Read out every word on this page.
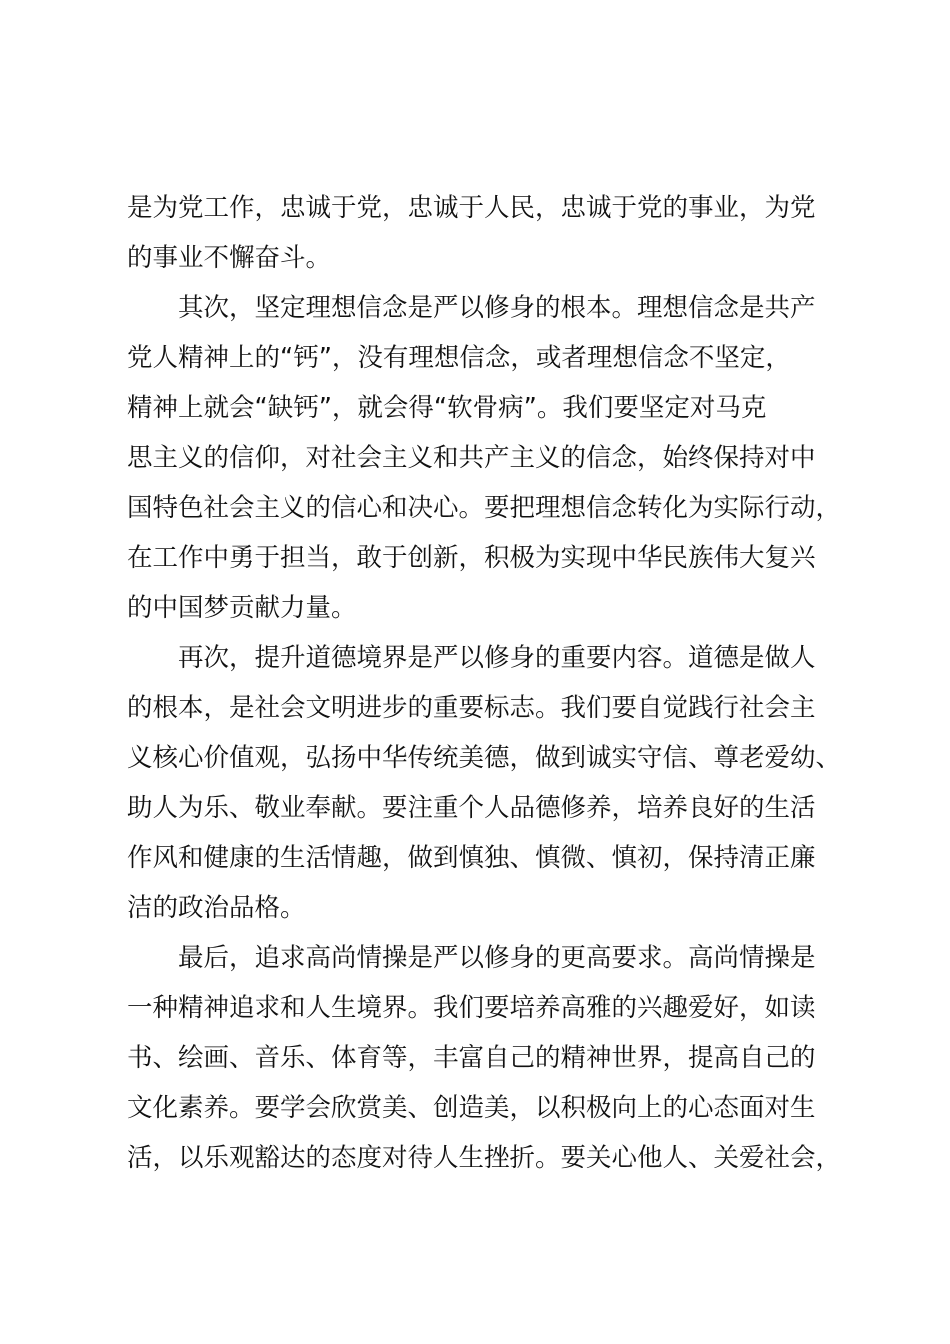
是为党工作，忠诚于党，忠诚于人民，忠诚于党的事业，为党
的事业不懈奋斗。
其次，坚定理想信念是严以修身的根本。理想信念是共产
党人精神上的“钙”，没有理想信念，或者理想信念不坚定，
精神上就会“缺钙”，就会得“软骨病”。我们要坚定对马克
思主义的信仰，对社会主义和共产主义的信念，始终保持对中
国特色社会主义的信心和决心。要把理想信念转化为实际行动，
在工作中勇于担当，敢于创新，积极为实现中华民族伟大复兴
的中国梦贡献力量。
再次，提升道德境界是严以修身的重要内容。道德是做人
的根本，是社会文明进步的重要标志。我们要自觉践行社会主
义核心价值观，弘扬中华传统美德，做到诚实守信、尊老爱幼、
助人为乐、敬业奉献。要注重个人品德修养，培养良好的生活
作风和健康的生活情趣，做到慎独、慎微、慎初，保持清正廉
洁的政治品格。
最后，追求高尚情操是严以修身的更高要求。高尚情操是
一种精神追求和人生境界。我们要培养高雅的兴趣爱好，如读
书、绘画、音乐、体育等，丰富自己的精神世界，提高自己的
文化素养。要学会欣赏美、创造美，以积极向上的心态面对生
活，以乐观豁达的态度对待人生挫折。要关心他人、关爱社会，
